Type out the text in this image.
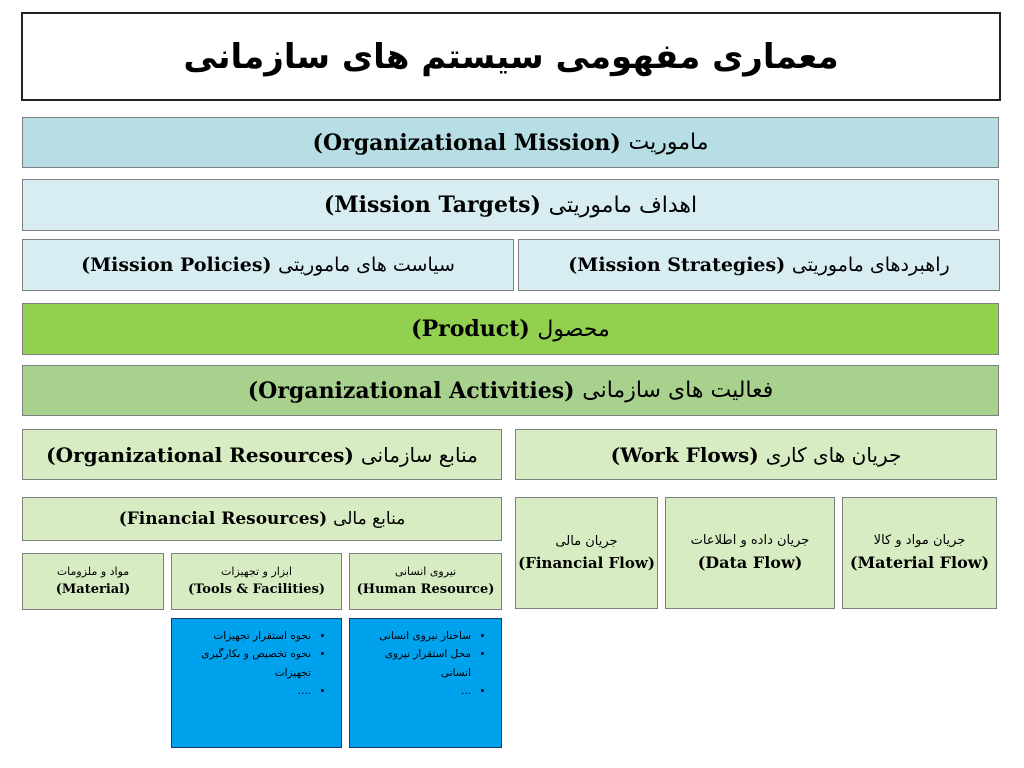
معماری مفهومی سیستم های سازمانی
ماموریت

(Organizational Mission)
اهداف ماموریتی

(Mission Targets)
سیاست های ماموریتی

(Mission Policies)	راهبردهای ماموریتی

(Mission Strategies)
محصول

(Product)
فعالیت های سازمانی

(Organizational Activities)
منابع سازمانی

(Organizational Resources)	جریان های کاری

(Work Flows)
منابع مالی

(Financial Resources)
جریان مالی
(Financial Flow)
جریان داده و اطلاعات
(Data Flow)
جریان مواد و کالا
(Material Flow)
مواد و ملزومات
(Material)
ابزار و تجهیزات
(Tools & Facilities)
نیروی انسانی
(Human Resource)
• نحوه استقرار تجهیزات
• نحوه تخصیص و بکارگیری تجهیزات
• ....
• ساختار نیروی انسانی
• محل استقرار نیروی انسانی
• ...
